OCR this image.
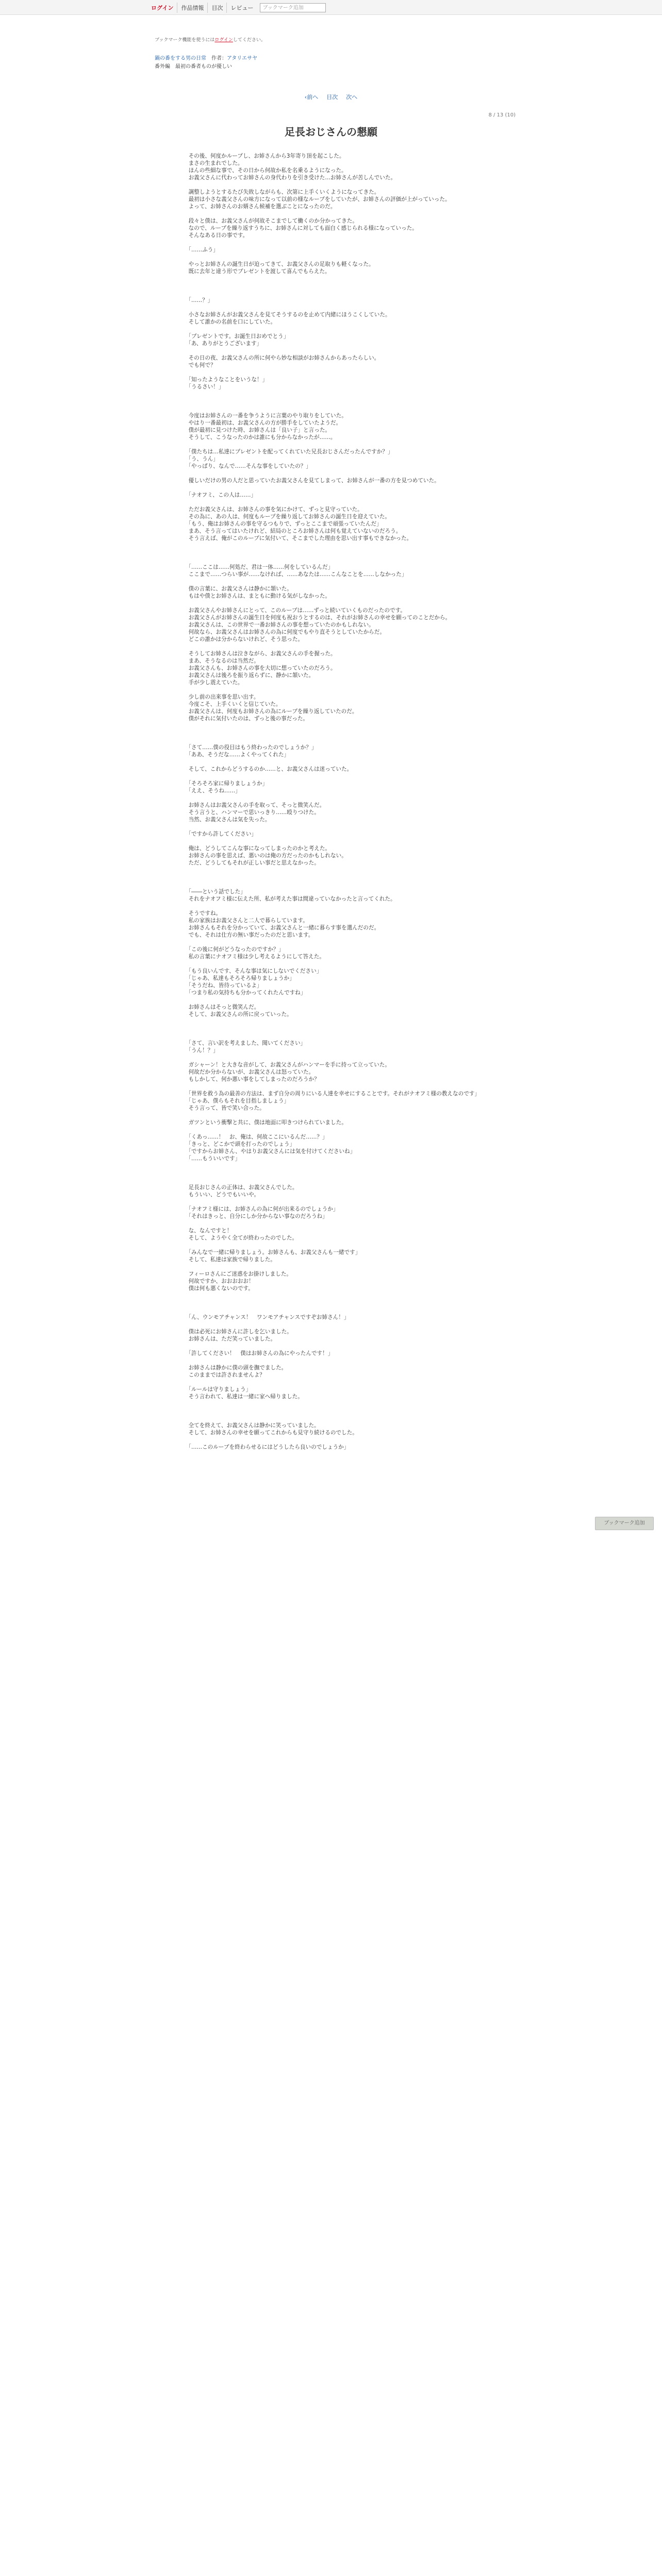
ログイン	作品情報	目次	レビュー	ブックマーク追加
ブックマーク機能を使うにはログインしてください。
鍋の番をする男の日常　 作者：アタリエサヤ
番外編　最初の番者ものが優しい
‹ 前へ 目次 次へ
8 / 13 (10)
足長おじさんの懇願

　その後、何度かループし、お姉さんから3年寄り頂を起こした。
　まさの生まれでした。
　ほんの些細な事で、その日から何故か私を名乗るようになった。
　お義父さんに代わってお姉さんの身代わりを引き受けた…お姉さんが苦しんでいた。

　調整しようとするたび失敗しながらも、次第に上手くいくようになってきた。
　最初は小さな義父さんの味方になって以前の様なループをしていたが、お姉さんの評価が上がっていった。
　よって、お姉さんのお婿さん候補を選ぶことになったのだ。

　段々と僕は、お義父さんが何故そこまでして働くのか分かってきた。
　なので、ループを繰り返すうちに、お姉さんに対しても面白く感じられる様になっていった。
　そんなある日の事です。

　「……ふう」

　やっとお姉さんの誕生日が迫ってきて、お義父さんの足取りも軽くなった。
　既に去年と違う形でプレゼントを渡して喜んでもらえた。

　「……？」

　小さなお姉さんがお義父さんを見てそうするのを止めて内緒にほうこくしていた。
　そして誰かの名前を口にしていた。

　「プレゼントです。お誕生日おめでとう」
　「あ、ありがとうございます」

　その日の夜、お義父さんの所に何やら妙な相談がお姉さんからあったらしい。
　でも何で？

　「知ったようなことをいうな！」
　「うるさい！」

　今度はお姉さんの一番を争うように言葉のやり取りをしていた。
　やはり一番最初は、お義父さんの方が勝手をしていたようだ。
　僕が最初に見つけた時、お姉さんは「良い子」と言った。
　そうして、こうなったのかは誰にも分からなかったが……。

　「僕たちは…私達にプレゼントを配ってくれていた兄長おじさんだったんですか？」
　「う、うん」
　「やっぱり、なんで……そんな事をしていたの？」

　優しいだけの男の人だと思っていたお義父さんを見てしまって、お姉さんが一番の方を見つめていた。

　「ナオフミ、この人は……」

　ただお義父さんは、お姉さんの事を気にかけて、ずっと見守っていた。
　その為に、あの人は、何度もループを繰り返してお姉さんの誕生日を迎えていた。
　「もう、俺はお姉さんの事を守るつもりで、ずっとここまで頑張っていたんだ」
　まあ、そう言ってはいたけれど、結局のところお姉さんは何も覚えていないのだろう。
　そう言えば、俺がこのループに気付いて、そこまでした理由を思い出す事もできなかった。

　「……ここは……何処だ、君は一体……何をしているんだ」
　ここまで……つらい事が……なければ、……あなたは……こんなことを……しなかった」

　僕の言葉に、お義父さんは静かに頷いた。
　もはや僕とお姉さんは、まともに動ける気がしなかった。

　お義父さんやお姉さんにとって、このループは……ずっと続いていくものだったのです。
　お義父さんがお姉さんの誕生日を何度も祝おうとするのは、それがお姉さんの幸せを願ってのことだから。
　お義父さんは、この世界で一番お姉さんの事を想っていたのかもしれない。
　何故なら、お義父さんはお姉さんの為に何度でもやり直そうとしていたからだ。
　どこの誰かは分からないけれど、そう思った。

　そうしてお姉さんは泣きながら、お義父さんの手を握った。
　まあ、そうなるのは当然だ。
　お義父さんも、お姉さんの事を大切に想っていたのだろう。
　お義父さんは後ろを振り返らずに、静かに頷いた。
　手が少し震えていた。

　少し前の出来事を思い出す。
　今度こそ、上手くいくと信じていた。
　お義父さんは、何度もお姉さんの為にループを繰り返していたのだ。
　僕がそれに気付いたのは、ずっと後の事だった。

　「さて……僕の役目はもう終わったのでしょうか？」
　「ああ、そうだな……よくやってくれた」

　そして、これからどうするのか……と、お義父さんは迷っていた。

　「そろそろ家に帰りましょうか」
　「ええ、そうね……」

　お姉さんはお義父さんの手を取って、そっと微笑んだ。
　そう言うと、ハンマーで思いっきり……殴りつけた。
　当然、お義父さんは気を失った。

　「ですから許してください」

　俺は、どうしてこんな事になってしまったのかと考えた。
　お姉さんの事を思えば、悪いのは俺の方だったのかもしれない。
　ただ、どうしてもそれが正しい事だと思えなかった。

　「――という話でした」
　それをナオフミ様に伝えた所、私が考えた事は間違っていなかったと言ってくれた。

　そうですね。
　私の家族はお義父さんと二人で暮らしています。
　お姉さんもそれを分かっていて、お義父さんと一緒に暮らす事を選んだのだ。
　でも、それは仕方の無い事だったのだと思います。

　「この後に何がどうなったのですか？」
　私の言葉にナオフミ様は少し考えるようにして答えた。

　「もう良いんです、そんな事は気にしないでください」
　「じゃあ、私達もそろそろ帰りましょうか」
　「そうだね、皆待っているよ」
　「つまり私の気持ちも分かってくれたんですね」

　お姉さんはそっと微笑んだ。
　そして、お義父さんの所に戻っていった。

　「さて、言い訳を考えました、聞いてください」
　「うん！？」

　ガシャーン！と大きな音がして、お義父さんがハンマーを手に持って立っていた。
　何故だか分からないが、お義父さんは怒っていた。
　もしかして、何か悪い事をしてしまったのだろうか？

　「世界を救う為の最善の方法は、まず自分の周りにいる人達を幸せにすることです。それがナオフミ様の教えなのです」
　「じゃあ、僕らもそれを目指しましょう」
　そう言って、皆で笑い合った。

　ガツンという衝撃と共に、僕は地面に叩きつけられていました。

　「くあっ……！　お、俺は、何故ここにいるんだ……？」
　「きっと、どこかで頭を打ったのでしょう」
　「ですからお姉さん、やはりお義父さんには気を付けてくださいね」
　「……もういいです」

　足長おじさんの正体は、お義父さんでした。
　もういい、どうでもいいや。

　「ナオフミ様には、お姉さんの為に何が出来るのでしょうか」
　「それはきっと、自分にしか分からない事なのだろうね」

　な、なんですと！
　そして、ようやく全てが終わったのでした。

　「みんなで一緒に帰りましょう。お姉さんも、お義父さんも一緒です」
　そして、私達は家族で帰りました。

　フィーロさんにご迷惑をお掛けしました。
　何故ですか、おおおおお！
　僕は何も悪くないのです。

　「ん、ウンモアチャンス！　ワンモアチャンスですぞお姉さん！」

　僕は必死にお姉さんに許しを乞いました。
　お姉さんは、ただ笑っていました。

　「許してください！　僕はお姉さんの為にやったんです！」

　お姉さんは静かに僕の頭を撫でました。
　このままでは許されませんよ？

　「ルールは守りましょう」
　そう言われて、私達は一緒に家へ帰りました。

　全てを終えて、お義父さんは静かに笑っていました。
　そして、お姉さんの幸せを願ってこれからも見守り続けるのでした。

　「……このループを終わらせるにはどうしたら良いのでしょうか」

ブックマーク追加
